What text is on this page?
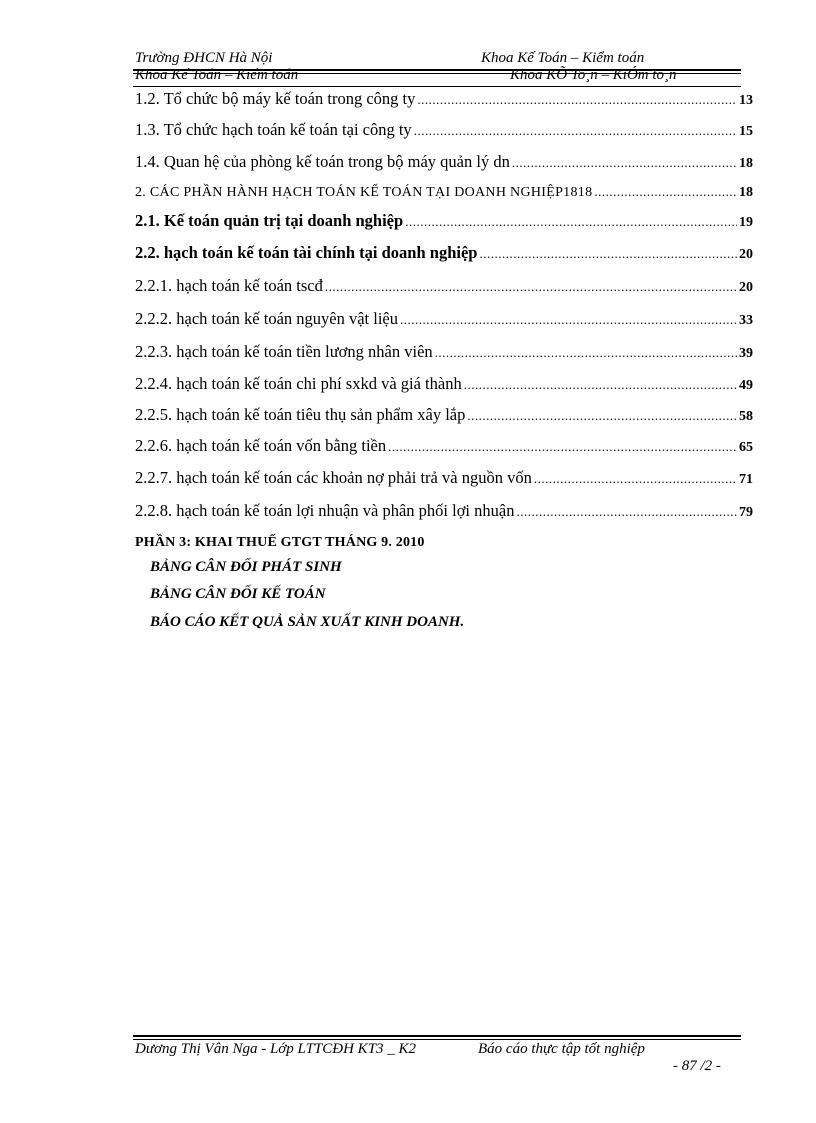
Trường ĐHCN Hà Nội	Khoa Kế Toán – Kiểm toán
Khoa Kế Toán – Kiểm toán	Khoa KÕ To¸n – KiÓm to¸n
1.2. Tổ chức bộ máy kế toán trong công ty .....	13
1.3. Tổ chức hạch toán kế toán tại công ty .....	15
1.4. Quan hệ của phòng kế toán trong bộ máy quản lý dn .....	18
2. CÁC PHẦN HÀNH HẠCH TOÁN KẾ TOÁN TẠI DOANH NGHIỆP1818 .....	18
2.1. Kế toán quản trị tại doanh nghiệp .....	19
2.2. hạch toán kế toán tài chính tại doanh nghiệp .....	20
2.2.1. hạch toán kế toán tscđ .....	20
2.2.2. hạch toán kế toán nguyên vật liệu .....	33
2.2.3. hạch toán kế toán tiền lương nhân viên .....	39
2.2.4. hạch toán kế toán chi phí sxkd và giá thành .....	49
2.2.5. hạch toán kế toán tiêu thụ sản phẩm xây lắp .....	58
2.2.6. hạch toán kế toán vốn bằng tiền .....	65
2.2.7. hạch toán kế toán các khoản nợ phải trả và nguồn vốn .....	71
2.2.8. hạch toán kế toán lợi nhuận và phân phối lợi nhuận .....	79
PHẦN 3: KHAI THUẾ GTGT THÁNG 9. 2010
BẢNG CÂN ĐỐI PHÁT SINH
BẢNG CÂN ĐỐI KẾ TOÁN
BÁO CÁO KẾT QUẢ SẢN XUẤT KINH DOANH.
Dương Thị Vân Nga - Lớp LTTCĐH KT3 _ K2	Báo cáo thực tập tốt nghiệp
- 87 /2 -
